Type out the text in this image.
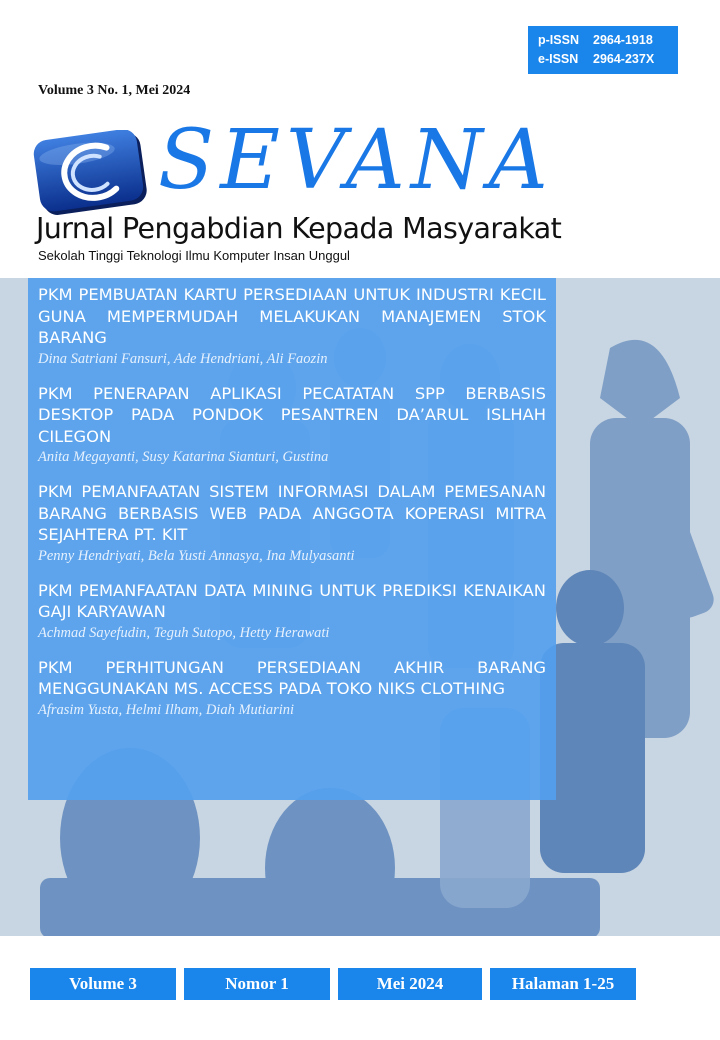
p-ISSN 2964-1918
e-ISSN 2964-237X
Volume 3 No. 1, Mei 2024
SEVANA
Jurnal Pengabdian Kepada Masyarakat
Sekolah Tinggi Teknologi Ilmu Komputer Insan Unggul
PKM PEMBUATAN KARTU PERSEDIAAN UNTUK INDUSTRI KECIL GUNA MEMPERMUDAH MELAKUKAN MANAJEMEN STOK BARANG
Dina Satriani Fansuri, Ade Hendriani, Ali Faozin
PKM PENERAPAN APLIKASI PECATATAN SPP BERBASIS DESKTOP PADA PONDOK PESANTREN DA’ARUL ISLHAH CILEGON
Anita Megayanti, Susy Katarina Sianturi, Gustina
PKM PEMANFAATAN SISTEM INFORMASI DALAM PEMESANAN BARANG BERBASIS WEB PADA ANGGOTA KOPERASI MITRA SEJAHTERA PT. KIT
Penny Hendriyati, Bela Yusti Annasya, Ina Mulyasanti
PKM PEMANFAATAN DATA MINING UNTUK PREDIKSI KENAIKAN GAJI KARYAWAN
Achmad Sayefudin, Teguh Sutopo, Hetty Herawati
PKM PERHITUNGAN PERSEDIAAN AKHIR BARANG MENGGUNAKAN MS. ACCESS PADA TOKO NIKS CLOTHING
Afrasim Yusta, Helmi Ilham, Diah Mutiarini
Volume 3	Nomor 1	Mei 2024	Halaman 1-25
